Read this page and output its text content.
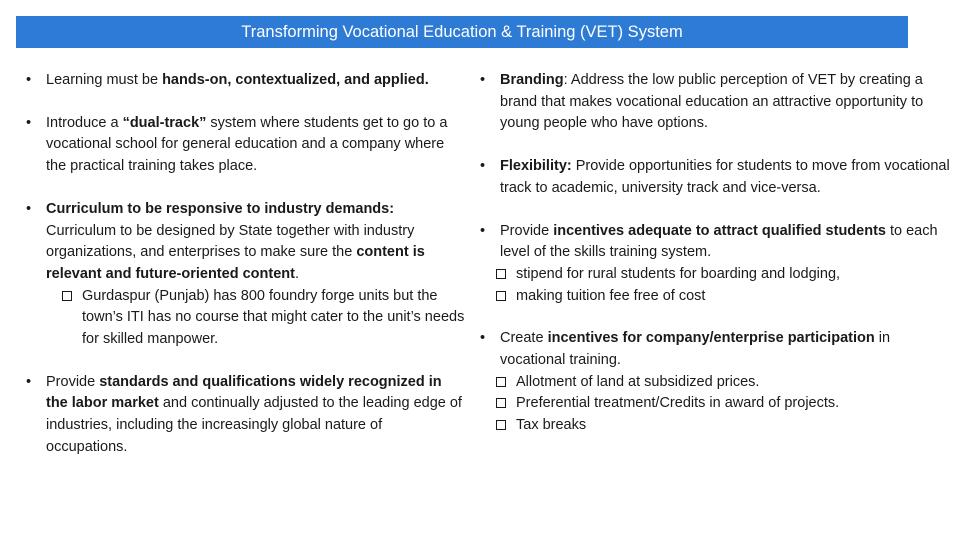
Transforming Vocational Education & Training (VET) System
• Learning must be hands-on, contextualized, and applied.
• Introduce a “dual-track” system where students get to go to a vocational school for general education and a company where the practical training takes place.
• Curriculum to be responsive to industry demands: Curriculum to be designed by State together with industry organizations, and enterprises to make sure the content is relevant and future-oriented content.
Gurdaspur (Punjab) has 800 foundry forge units but the town’s ITI has no course that might cater to the unit’s needs for skilled manpower.
• Provide standards and qualifications widely recognized in the labor market and continually adjusted to the leading edge of industries, including the increasingly global nature of occupations.
• Branding: Address the low public perception of VET by creating a brand that makes vocational education an attractive opportunity to young people who have options.
• Flexibility: Provide opportunities for students to move from vocational track to academic, university track and vice-versa.
• Provide incentives adequate to attract qualified students to each level of the skills training system.
stipend for rural students for boarding and lodging,
making tuition fee free of cost
• Create incentives for company/enterprise participation in vocational training.
Allotment of land at subsidized prices.
Preferential treatment/Credits in award of projects.
Tax breaks
